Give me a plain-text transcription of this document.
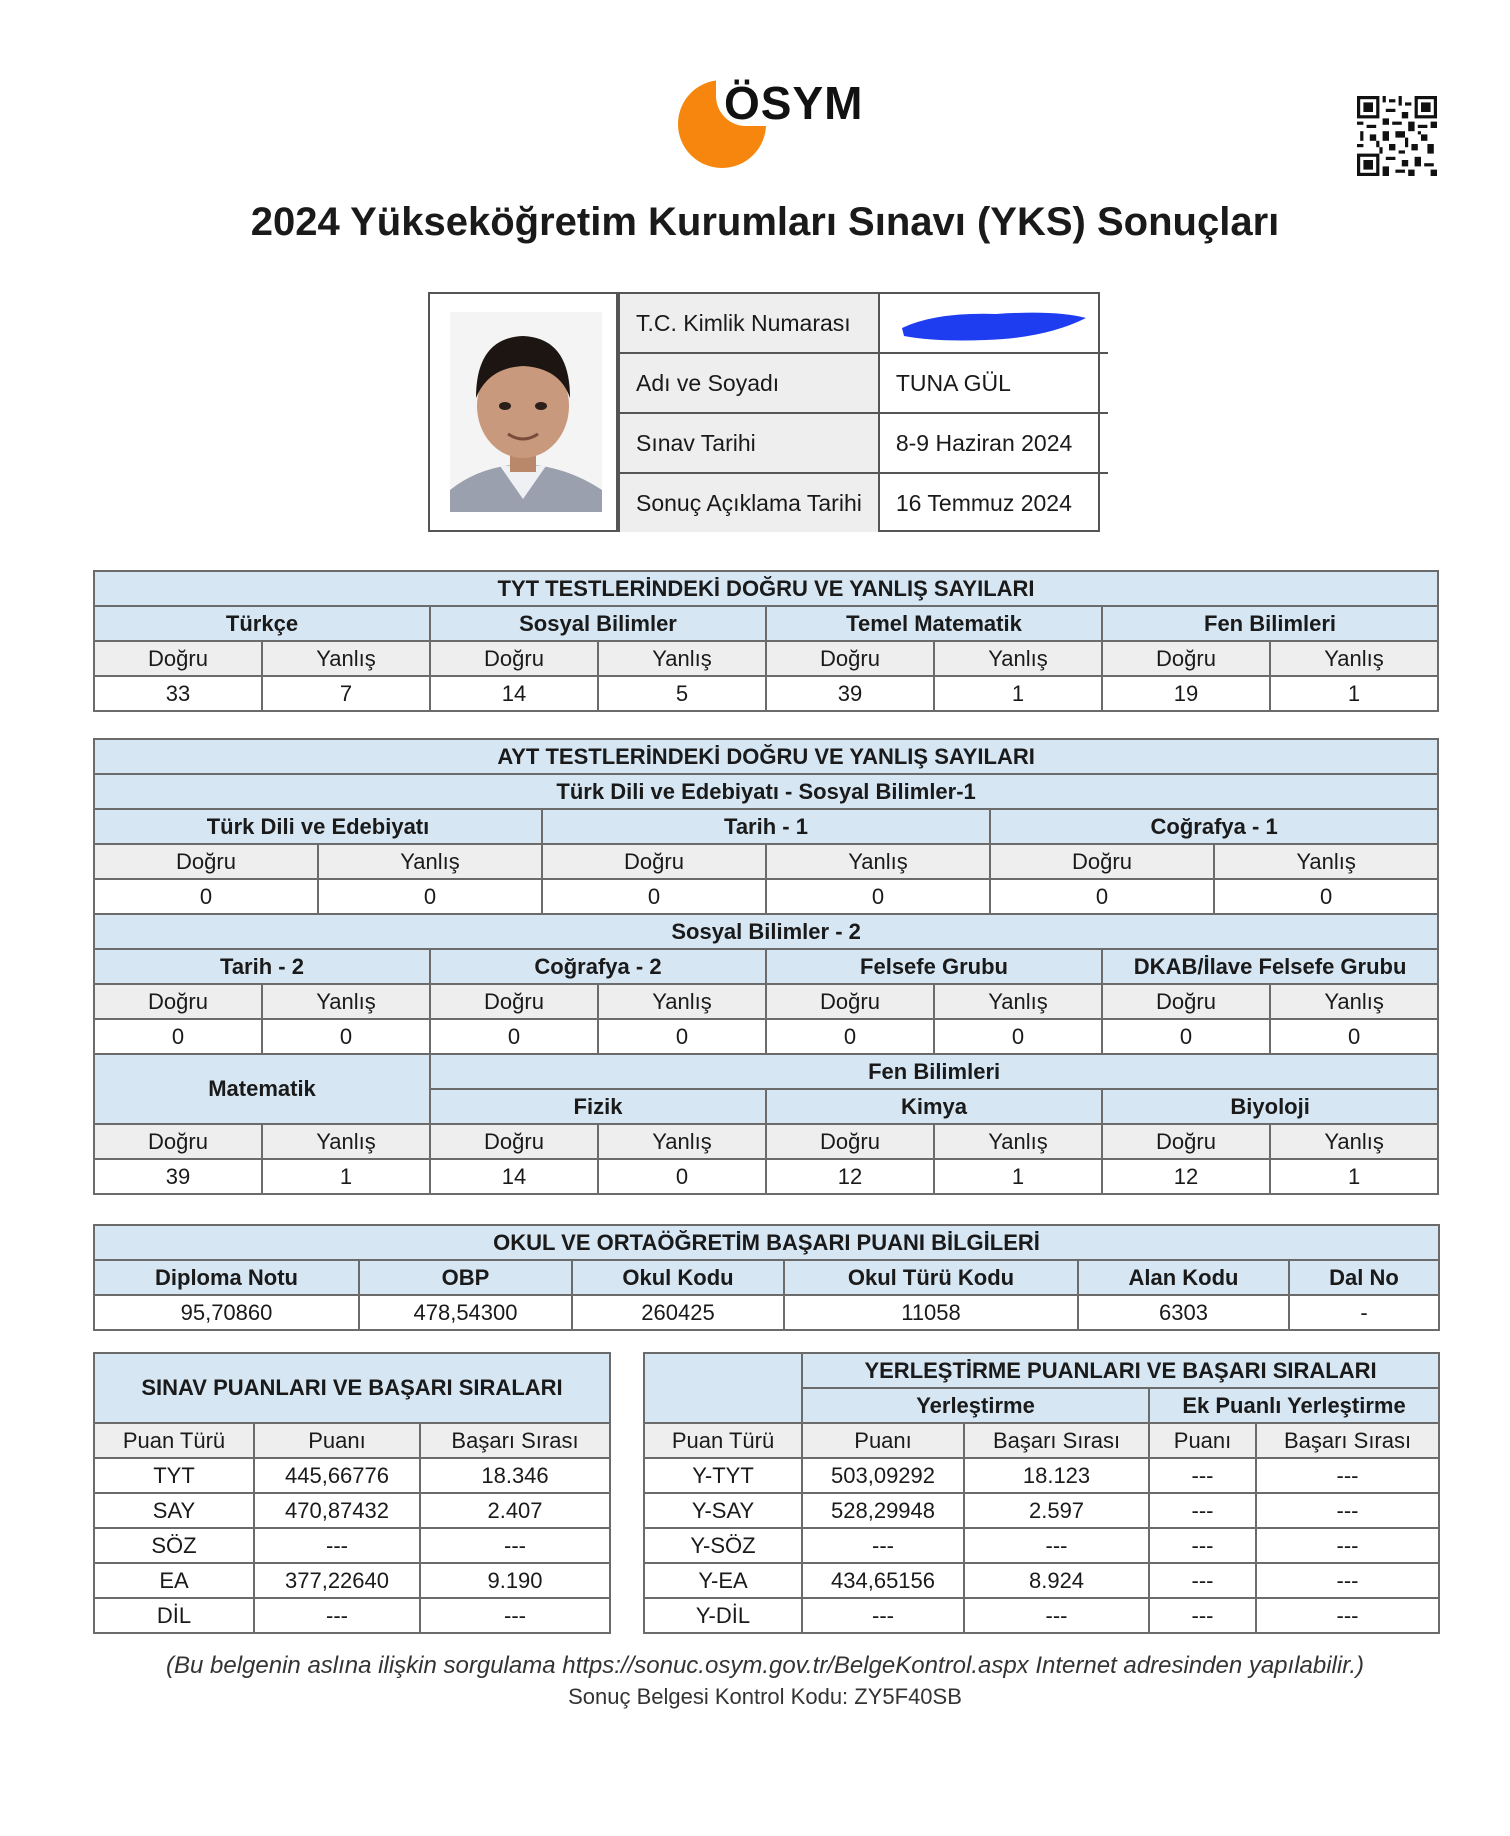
ÖSYM
2024 Yükseköğretim Kurumları Sınavı (YKS) Sonuçları
T.C. Kimlik Numarası	

Adı ve Soyadı	TUNA GÜL
Sınav Tarihi	8-9 Haziran 2024
Sonuç Açıklama Tarihi	16 Temmuz 2024
TYT TESTLERİNDEKİ DOĞRU VE YANLIŞ SAYILARI							
Türkçe		Sosyal Bilimler		Temel Matematik		Fen Bilimleri	
Doğru	Yanlış	Doğru	Yanlış	Doğru	Yanlış	Doğru	Yanlış
33	7	14	5	39	1	19	1
AYT TESTLERİNDEKİ DOĞRU VE YANLIŞ SAYILARI											
Türk Dili ve Edebiyatı - Sosyal Bilimler-1											
Türk Dili ve Edebiyatı				Tarih - 1				Coğrafya - 1			
Doğru		Yanlış		Doğru		Yanlış		Doğru		Yanlış	
0		0		0		0		0		0	
Sosyal Bilimler - 2											
Tarih - 2			Coğrafya - 2			Felsefe Grubu			DKAB/İlave Felsefe Grubu		
Doğru	Yanlış		Doğru		Yanlış	Doğru	Yanlış		Doğru		Yanlış
0	0		0		0	0	0		0		0
Matematik			Fen Bilimleri								
			Fizik			Kimya			Biyoloji		
Doğru	Yanlış		Doğru		Yanlış	Doğru	Yanlış		Doğru		Yanlış
39	1		14		0	12	1		12		1
OKUL VE ORTAÖĞRETİM BAŞARI PUANI BİLGİLERİ					
Diploma Notu	OBP	Okul Kodu	Okul Türü Kodu	Alan Kodu	Dal No
95,70860	478,54300	260425	11058	6303	-
SINAV PUANLARI VE BAŞARI SIRALARI					YERLEŞTİRME PUANLARI VE BAŞARI SIRALARI			
					Yerleştirme		Ek Puanlı Yerleştirme	
Puan Türü	Puanı	Başarı Sırası		Puan Türü	Puanı	Başarı Sırası	Puanı	Başarı Sırası
TYT	445,66776	18.346		Y-TYT	503,09292	18.123	---	---
SAY	470,87432	2.407		Y-SAY	528,29948	2.597	---	---
SÖZ	---	---		Y-SÖZ	---	---	---	---
EA	377,22640	9.190		Y-EA	434,65156	8.924	---	---
DİL	---	---		Y-DİL	---	---	---	---
(Bu belgenin aslına ilişkin sorgulama https://sonuc.osym.gov.tr/BelgeKontrol.aspx Internet adresinden yapılabilir.)
Sonuç Belgesi Kontrol Kodu: ZY5F40SB
